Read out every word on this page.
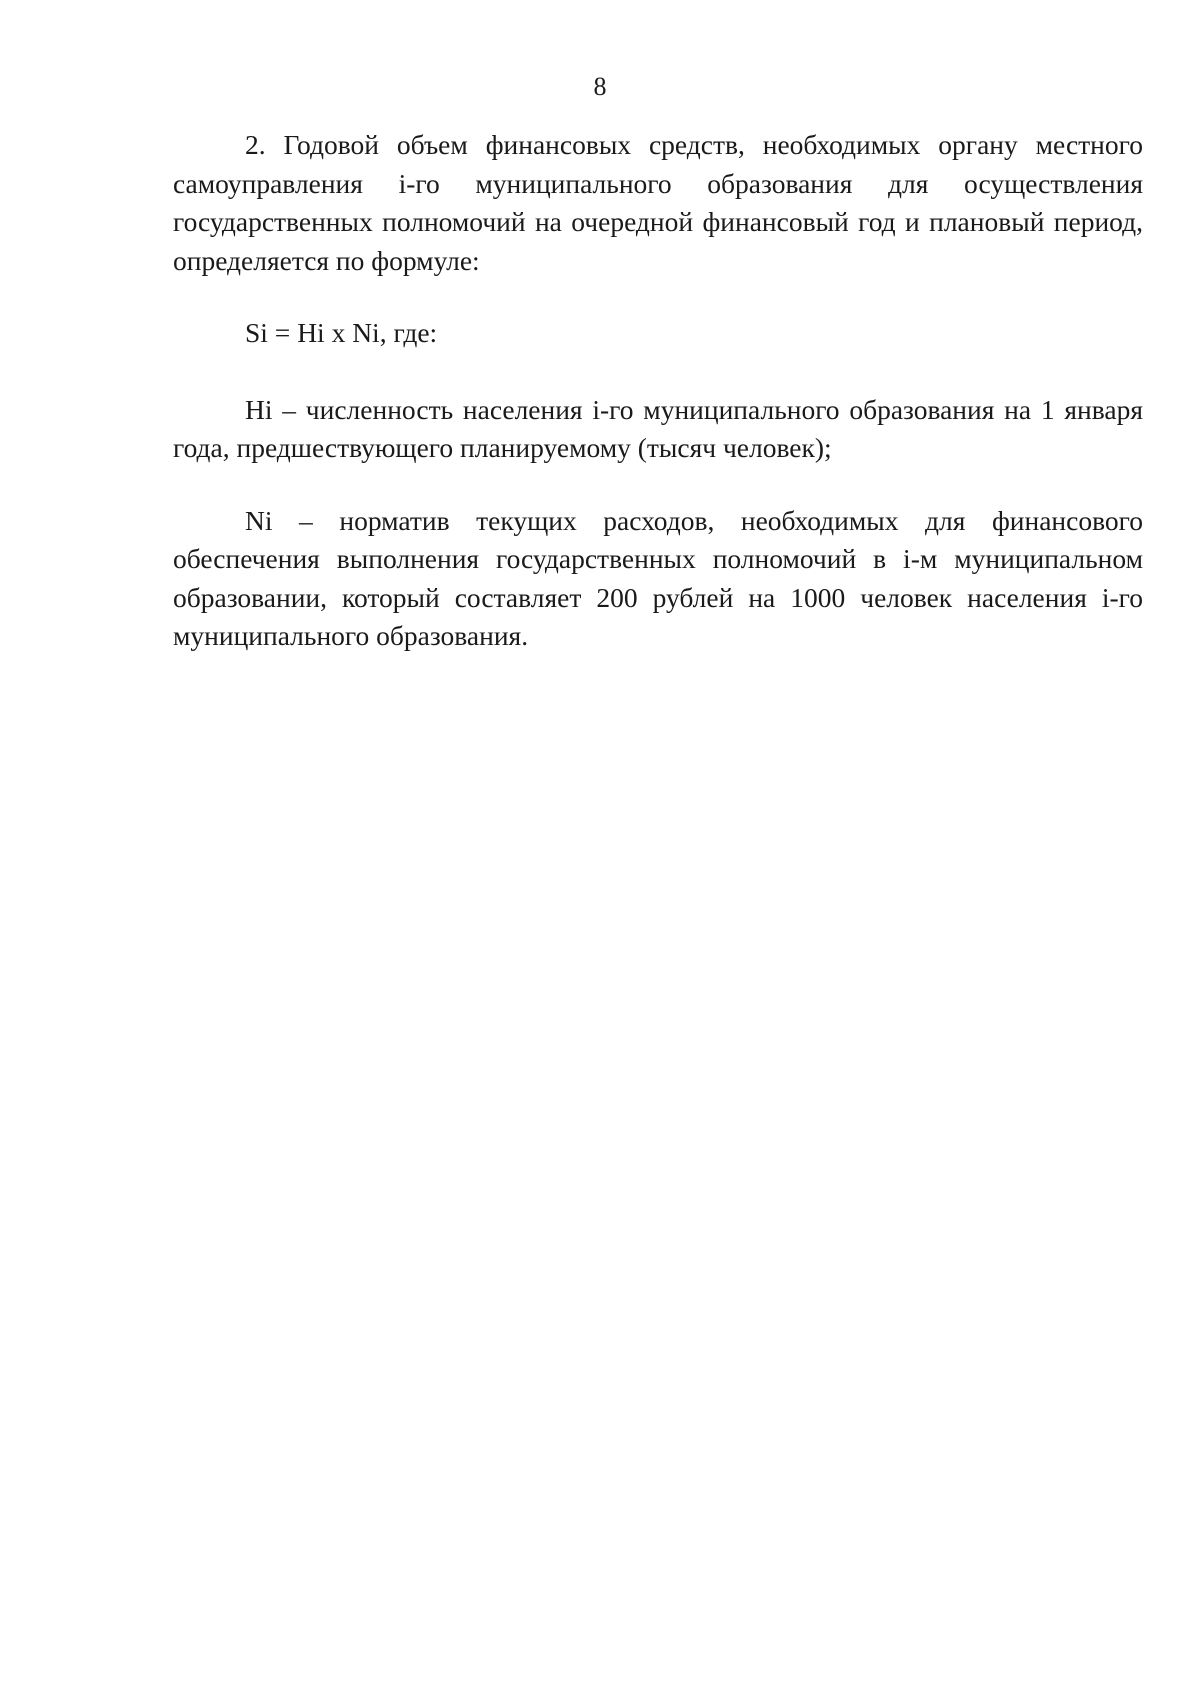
8

2. Годовой объем финансовых средств, необходимых органу местного самоуправления i-го муниципального образования для осуществления государственных полномочий на очередной финансовый год и плановый период, определяется по формуле:

Si = Hi x Ni, где:

Hi – численность населения i-го муниципального образования на 1 января года, предшествующего планируемому (тысяч человек);

Ni – норматив текущих расходов, необходимых для финансового обеспечения выполнения государственных полномочий в i-м муниципальном образовании, который составляет 200 рублей на 1000 человек населения i-го муниципального образования.
